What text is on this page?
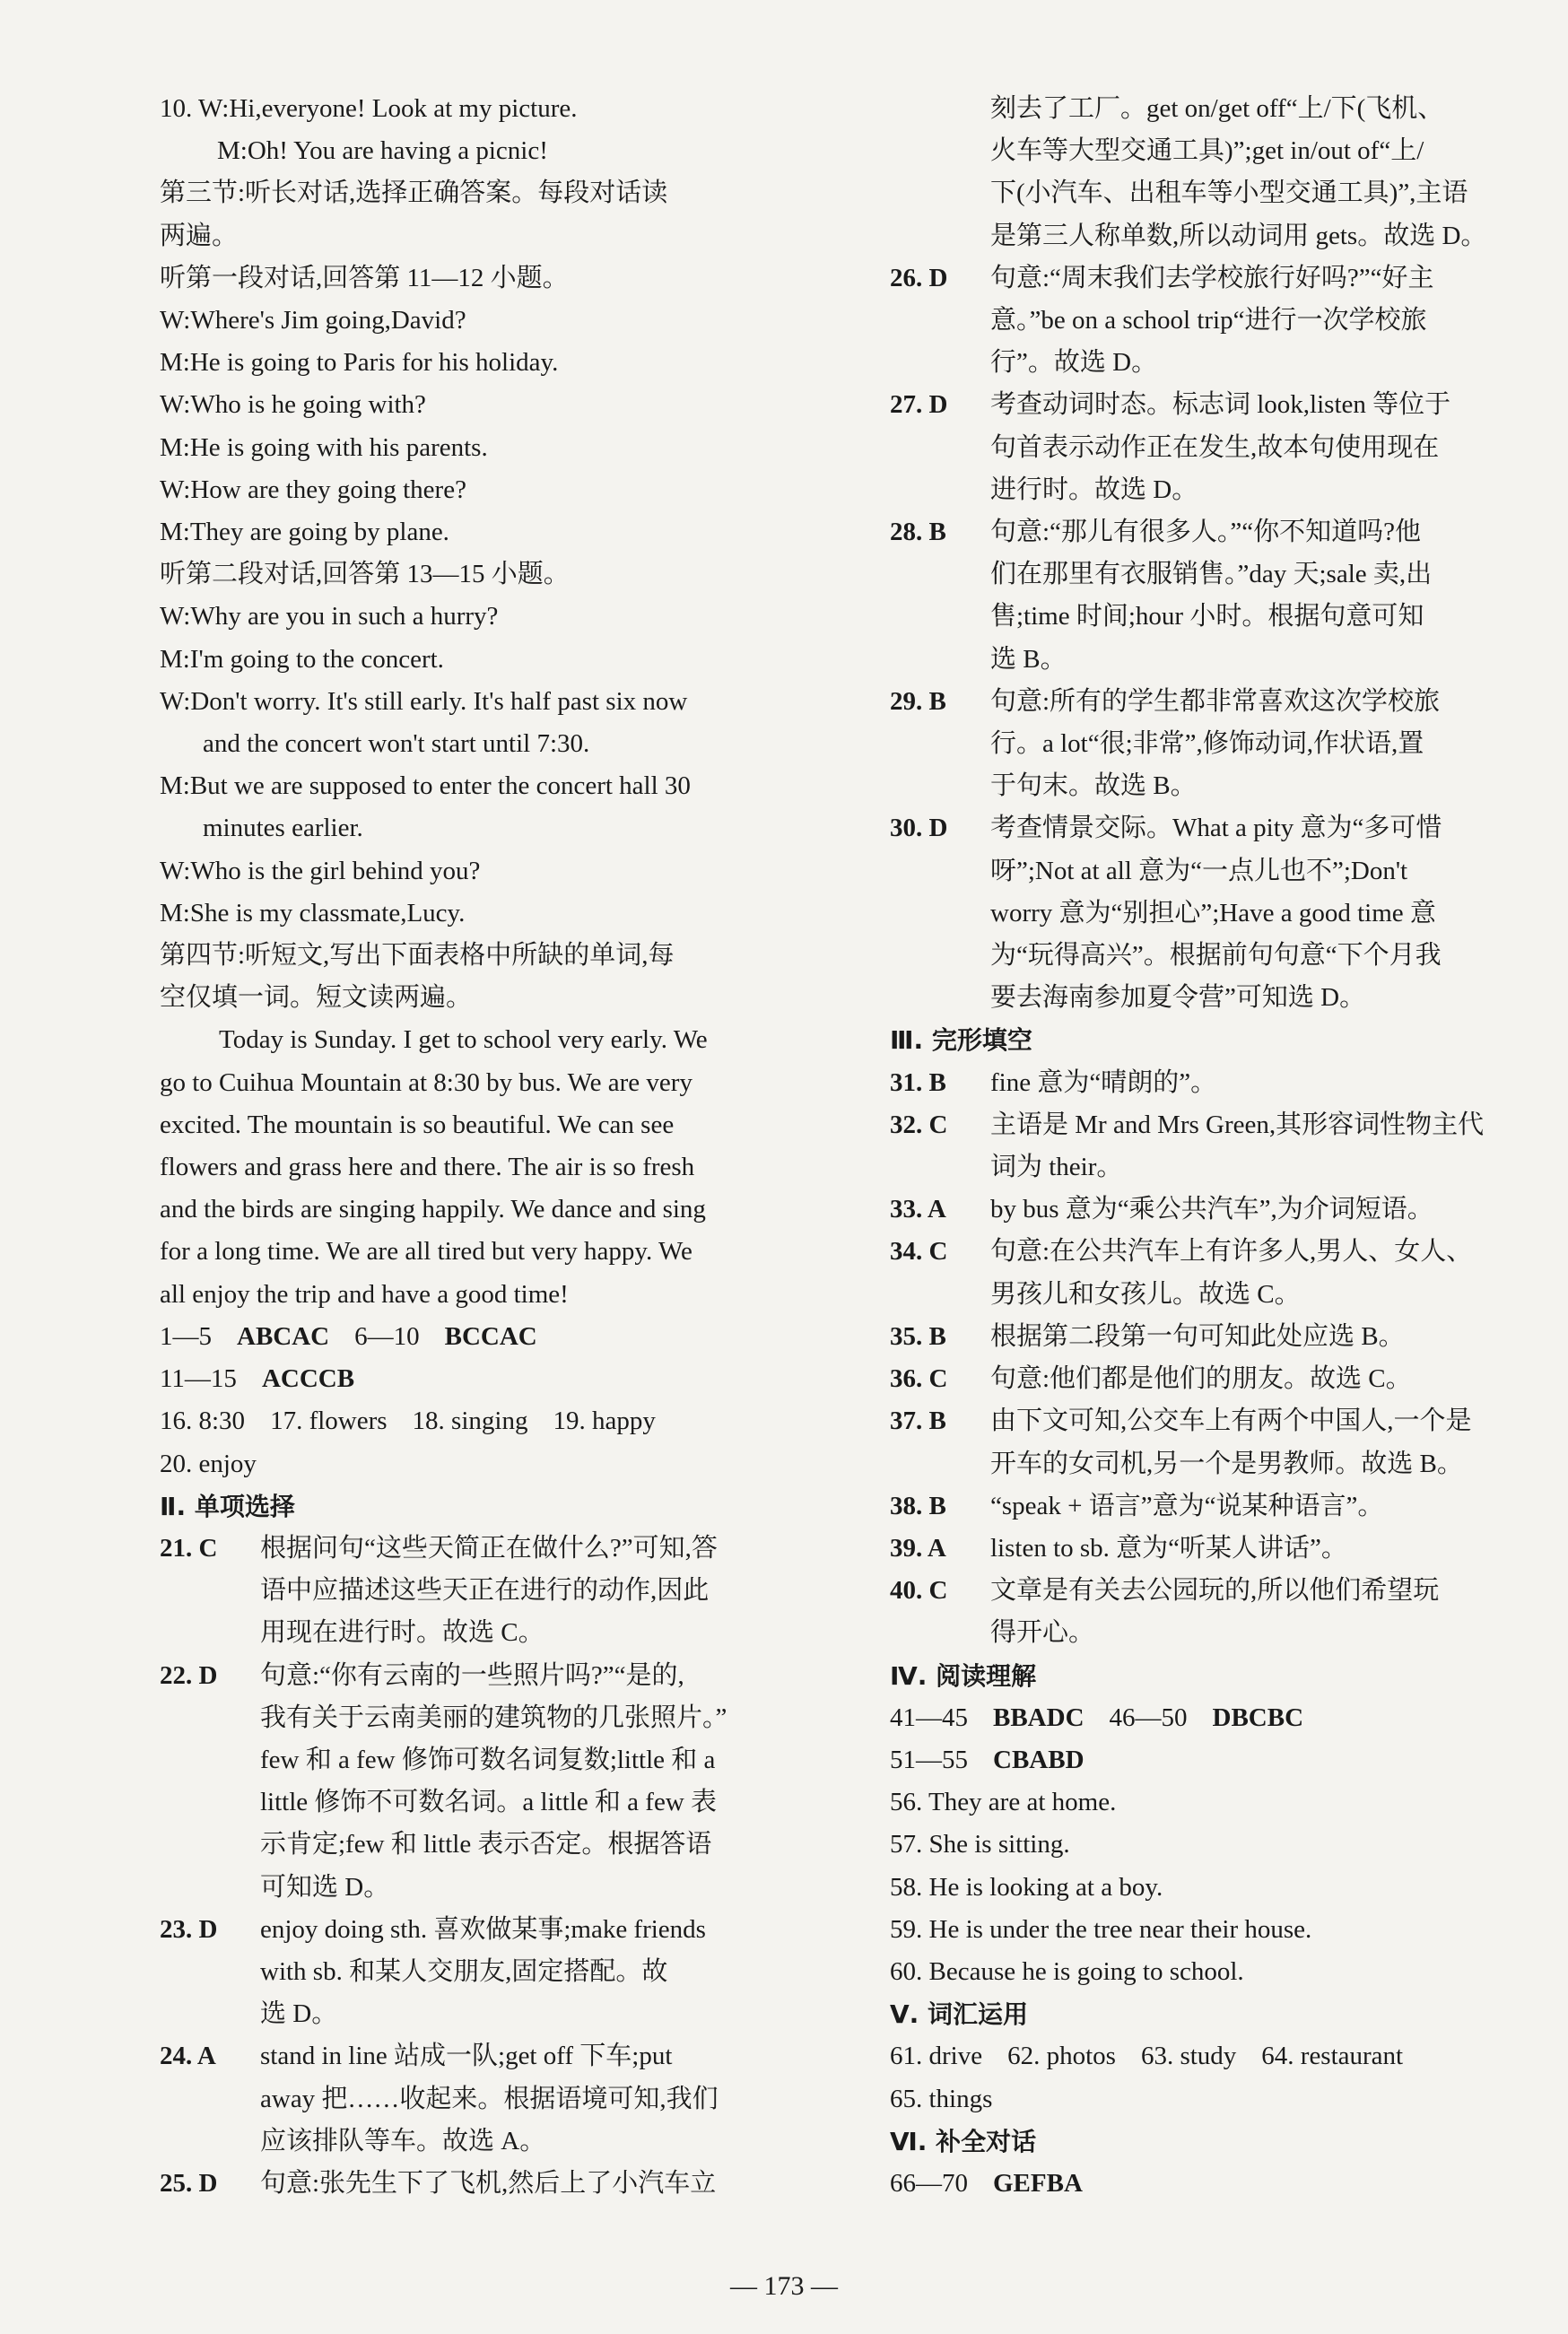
10. W:Hi,everyone! Look at my picture.
M:Oh! You are having a picnic!
第三节:听长对话,选择正确答案。每段对话读
两遍。
听第一段对话,回答第 11—12 小题。
W:Where's Jim going,David?
M:He is going to Paris for his holiday.
W:Who is he going with?
M:He is going with his parents.
W:How are they going there?
M:They are going by plane.
听第二段对话,回答第 13—15 小题。
W:Why are you in such a hurry?
M:I'm going to the concert.
W:Don't worry. It's still early. It's half past six now
and the concert won't start until 7:30.
M:But we are supposed to enter the concert hall 30
minutes earlier.
W:Who is the girl behind you?
M:She is my classmate,Lucy.
第四节:听短文,写出下面表格中所缺的单词,每
空仅填一词。短文读两遍。
Today is Sunday. I get to school very early. We
go to Cuihua Mountain at 8:30 by bus. We are very
excited. The mountain is so beautiful. We can see
flowers and grass here and there. The air is so fresh
and the birds are singing happily. We dance and sing
for a long time. We are all tired but very happy. We
all enjoy the trip and have a good time!
1—5 ABCAC 6—10 BCCAC
11—15 ACCCB
16. 8:30 17. flowers 18. singing 19. happy
20. enjoy
Ⅱ. 单项选择
21. C	根据问句“这些天简正在做什么?”可知,答
语中应描述这些天正在进行的动作,因此
用现在进行时。故选 C。
22. D	句意:“你有云南的一些照片吗?”“是的,
我有关于云南美丽的建筑物的几张照片。”
few 和 a few 修饰可数名词复数;little 和 a
little 修饰不可数名词。a little 和 a few 表
示肯定;few 和 little 表示否定。根据答语
可知选 D。
23. D	enjoy doing sth. 喜欢做某事;make friends
with sb. 和某人交朋友,固定搭配。故
选 D。
24. A	stand in line 站成一队;get off 下车;put
away 把……收起来。根据语境可知,我们
应该排队等车。故选 A。
25. D	句意:张先生下了飞机,然后上了小汽车立
刻去了工厂。get on/get off“上/下(飞机、
火车等大型交通工具)”;get in/out of“上/
下(小汽车、出租车等小型交通工具)”,主语
是第三人称单数,所以动词用 gets。故选 D。
26. D	句意:“周末我们去学校旅行好吗?”“好主
意。”be on a school trip“进行一次学校旅
行”。故选 D。
27. D	考查动词时态。标志词 look,listen 等位于
句首表示动作正在发生,故本句使用现在
进行时。故选 D。
28. B	句意:“那儿有很多人。”“你不知道吗?他
们在那里有衣服销售。”day 天;sale 卖,出
售;time 时间;hour 小时。根据句意可知
选 B。
29. B	句意:所有的学生都非常喜欢这次学校旅
行。a lot“很;非常”,修饰动词,作状语,置
于句末。故选 B。
30. D	考查情景交际。What a pity 意为“多可惜
呀”;Not at all 意为“一点儿也不”;Don't
worry 意为“别担心”;Have a good time 意
为“玩得高兴”。根据前句句意“下个月我
要去海南参加夏令营”可知选 D。
Ⅲ. 完形填空
31. B	fine 意为“晴朗的”。
32. C	主语是 Mr and Mrs Green,其形容词性物主代
词为 their。
33. A	by bus 意为“乘公共汽车”,为介词短语。
34. C	句意:在公共汽车上有许多人,男人、女人、
男孩儿和女孩儿。故选 C。
35. B	根据第二段第一句可知此处应选 B。
36. C	句意:他们都是他们的朋友。故选 C。
37. B	由下文可知,公交车上有两个中国人,一个是
开车的女司机,另一个是男教师。故选 B。
38. B	“speak + 语言”意为“说某种语言”。
39. A	listen to sb. 意为“听某人讲话”。
40. C	文章是有关去公园玩的,所以他们希望玩
得开心。
Ⅳ. 阅读理解
41—45 BBADC 46—50 DBCBC
51—55 CBABD
56. They are at home.
57. She is sitting.
58. He is looking at a boy.
59. He is under the tree near their house.
60. Because he is going to school.
Ⅴ. 词汇运用
61. drive 62. photos 63. study 64. restaurant
65. things
Ⅵ. 补全对话
66—70 GEFBA
— 173 —
